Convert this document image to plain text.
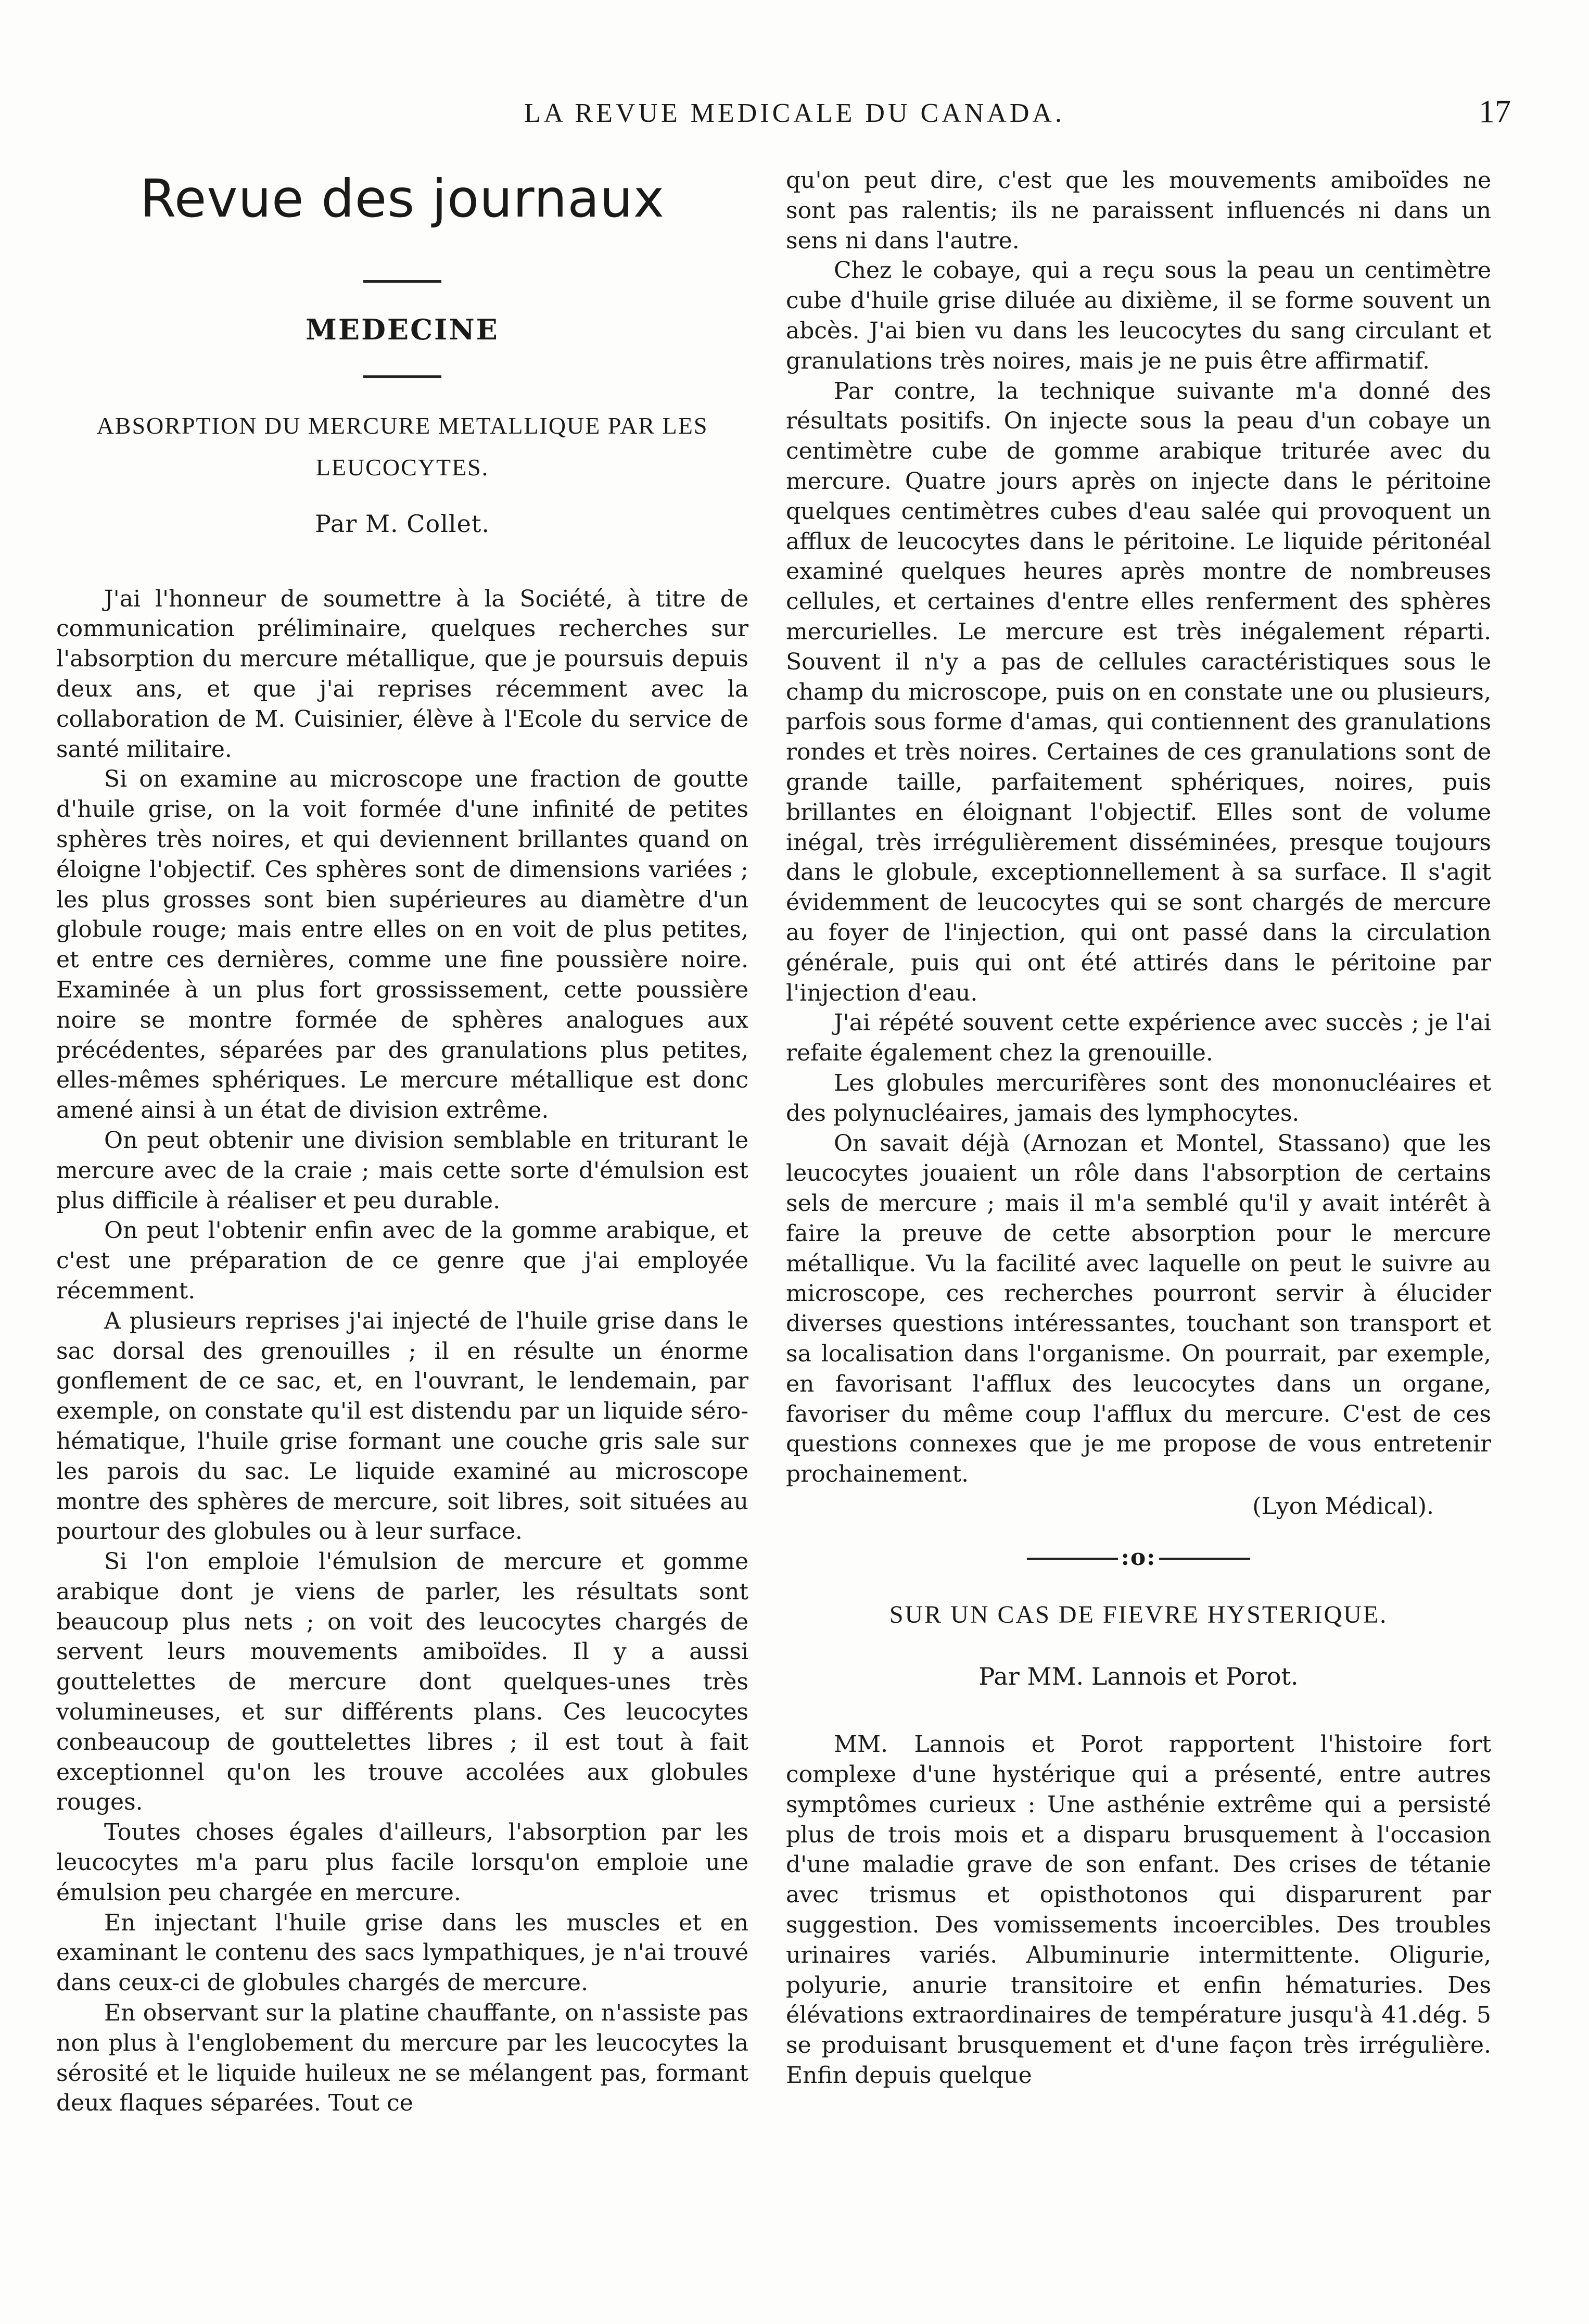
LA REVUE MEDICALE DU CANADA.	17
Revue des journaux
MEDECINE
ABSORPTION DU MERCURE METALLIQUE PAR LES LEUCOCYTES.
Par M. Collet.

J'ai l'honneur de soumettre à la Société, à titre de communication préliminaire, quelques recherches sur l'absorption du mercure métallique, que je poursuis depuis deux ans, et que j'ai reprises récemment avec la collaboration de M. Cuisinier, élève à l'Ecole du service de santé militaire.

Si on examine au microscope une fraction de goutte d'huile grise, on la voit formée d'une infinité de petites sphères très noires, et qui deviennent brillantes quand on éloigne l'objectif. Ces sphères sont de dimensions variées ; les plus grosses sont bien supérieures au diamètre d'un globule rouge; mais entre elles on en voit de plus petites, et entre ces dernières, comme une fine poussière noire. Examinée à un plus fort grossissement, cette poussière noire se montre formée de sphères analogues aux précédentes, séparées par des granulations plus petites, elles-mêmes sphériques. Le mercure métallique est donc amené ainsi à un état de division extrême.

On peut obtenir une division semblable en triturant le mercure avec de la craie ; mais cette sorte d'émulsion est plus difficile à réaliser et peu durable.

On peut l'obtenir enfin avec de la gomme arabique, et c'est une préparation de ce genre que j'ai employée récemment.

A plusieurs reprises j'ai injecté de l'huile grise dans le sac dorsal des grenouilles ; il en résulte un énorme gonflement de ce sac, et, en l'ouvrant, le lendemain, par exemple, on constate qu'il est distendu par un liquide séro-hématique, l'huile grise formant une couche gris sale sur les parois du sac. Le liquide examiné au microscope montre des sphères de mercure, soit libres, soit situées au pourtour des globules ou à leur surface.

Si l'on emploie l'émulsion de mercure et gomme arabique dont je viens de parler, les résultats sont beaucoup plus nets ; on voit des leucocytes chargés de servent leurs mouvements amiboïdes. Il y a aussi gouttelettes de mercure dont quelques-unes très volumineuses, et sur différents plans. Ces leucocytes conbeaucoup de gouttelettes libres ; il est tout à fait exceptionnel qu'on les trouve accolées aux globules rouges.

Toutes choses égales d'ailleurs, l'absorption par les leucocytes m'a paru plus facile lorsqu'on emploie une émulsion peu chargée en mercure.

En injectant l'huile grise dans les muscles et en examinant le contenu des sacs lympathiques, je n'ai trouvé dans ceux-ci de globules chargés de mercure.

En observant sur la platine chauffante, on n'assiste pas non plus à l'englobement du mercure par les leucocytes la sérosité et le liquide huileux ne se mélangent pas, formant deux flaques séparées. Tout ce

qu'on peut dire, c'est que les mouvements amiboïdes ne sont pas ralentis; ils ne paraissent influencés ni dans un sens ni dans l'autre.

Chez le cobaye, qui a reçu sous la peau un centimètre cube d'huile grise diluée au dixième, il se forme souvent un abcès. J'ai bien vu dans les leucocytes du sang circulant et granulations très noires, mais je ne puis être affirmatif.

Par contre, la technique suivante m'a donné des résultats positifs. On injecte sous la peau d'un cobaye un centimètre cube de gomme arabique triturée avec du mercure. Quatre jours après on injecte dans le péritoine quelques centimètres cubes d'eau salée qui provoquent un afflux de leucocytes dans le péritoine. Le liquide péritonéal examiné quelques heures après montre de nombreuses cellules, et certaines d'entre elles renferment des sphères mercurielles. Le mercure est très inégalement réparti. Souvent il n'y a pas de cellules caractéristiques sous le champ du microscope, puis on en constate une ou plusieurs, parfois sous forme d'amas, qui contiennent des granulations rondes et très noires. Certaines de ces granulations sont de grande taille, parfaitement sphériques, noires, puis brillantes en éloignant l'objectif. Elles sont de volume inégal, très irrégulièrement disséminées, presque toujours dans le globule, exceptionnellement à sa surface. Il s'agit évidemment de leucocytes qui se sont chargés de mercure au foyer de l'injection, qui ont passé dans la circulation générale, puis qui ont été attirés dans le péritoine par l'injection d'eau.

J'ai répété souvent cette expérience avec succès ; je l'ai refaite également chez la grenouille.

Les globules mercurifères sont des mononucléaires et des polynucléaires, jamais des lymphocytes.

On savait déjà (Arnozan et Montel, Stassano) que les leucocytes jouaient un rôle dans l'absorption de certains sels de mercure ; mais il m'a semblé qu'il y avait intérêt à faire la preuve de cette absorption pour le mercure métallique. Vu la facilité avec laquelle on peut le suivre au microscope, ces recherches pourront servir à élucider diverses questions intéressantes, touchant son transport et sa localisation dans l'organisme. On pourrait, par exemple, en favorisant l'afflux des leucocytes dans un organe, favoriser du même coup l'afflux du mercure. C'est de ces questions connexes que je me propose de vous entretenir prochainement.

(Lyon Médical).
:o:
SUR UN CAS DE FIEVRE HYSTERIQUE.
Par MM. Lannois et Porot.

MM. Lannois et Porot rapportent l'histoire fort complexe d'une hystérique qui a présenté, entre autres symptômes curieux : Une asthénie extrême qui a persisté plus de trois mois et a disparu brusquement à l'occasion d'une maladie grave de son enfant. Des crises de tétanie avec trismus et opisthotonos qui disparurent par suggestion. Des vomissements incoercibles. Des troubles urinaires variés. Albuminurie intermittente. Oligurie, polyurie, anurie transitoire et enfin hématuries. Des élévations extraordinaires de température jusqu'à 41.dég. 5 se produisant brusquement et d'une façon très irrégulière. Enfin depuis quelque
